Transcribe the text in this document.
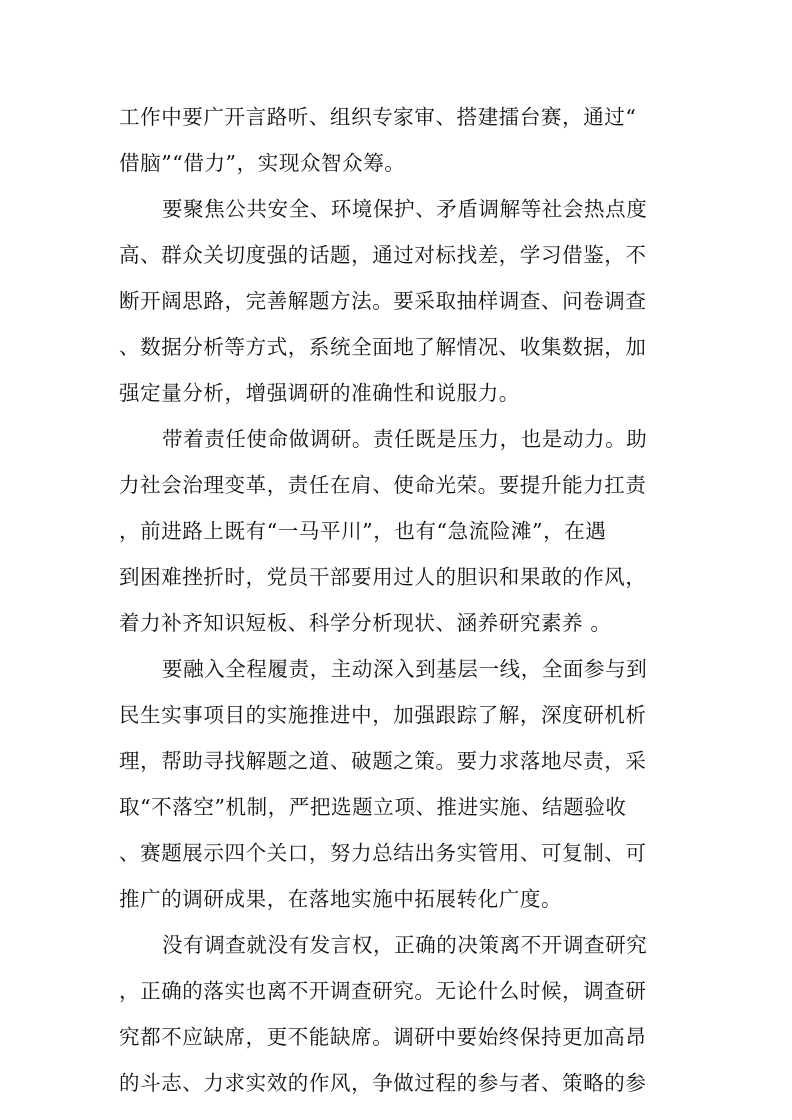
工作中要广开言路听、组织专家审、搭建擂台赛，通过“
借脑”“借力”，实现众智众筹。
要聚焦公共安全、环境保护、矛盾调解等社会热点度
高、群众关切度强的话题，通过对标找差，学习借鉴，不
断开阔思路，完善解题方法。要采取抽样调查、问卷调查
、数据分析等方式，系统全面地了解情况、收集数据，加
强定量分析，增强调研的准确性和说服力。
带着责任使命做调研。责任既是压力，也是动力。助
力社会治理变革，责任在肩、使命光荣。要提升能力扛责
，前进路上既有“一马平川”，也有“急流险滩”，在遇
到困难挫折时，党员干部要用过人的胆识和果敢的作风，
着力补齐知识短板、科学分析现状、涵养研究素养 。
要融入全程履责，主动深入到基层一线，全面参与到
民生实事项目的实施推进中，加强跟踪了解，深度研机析
理，帮助寻找解题之道、破题之策。要力求落地尽责，采
取“不落空”机制，严把选题立项、推进实施、结题验收
、赛题展示四个关口，努力总结出务实管用、可复制、可
推广的调研成果，在落地实施中拓展转化广度。
没有调查就没有发言权，正确的决策离不开调查研究
，正确的落实也离不开调查研究。无论什么时候，调查研
究都不应缺席，更不能缺席。调研中要始终保持更加高昂
的斗志、力求实效的作风，争做过程的参与者、策略的参
